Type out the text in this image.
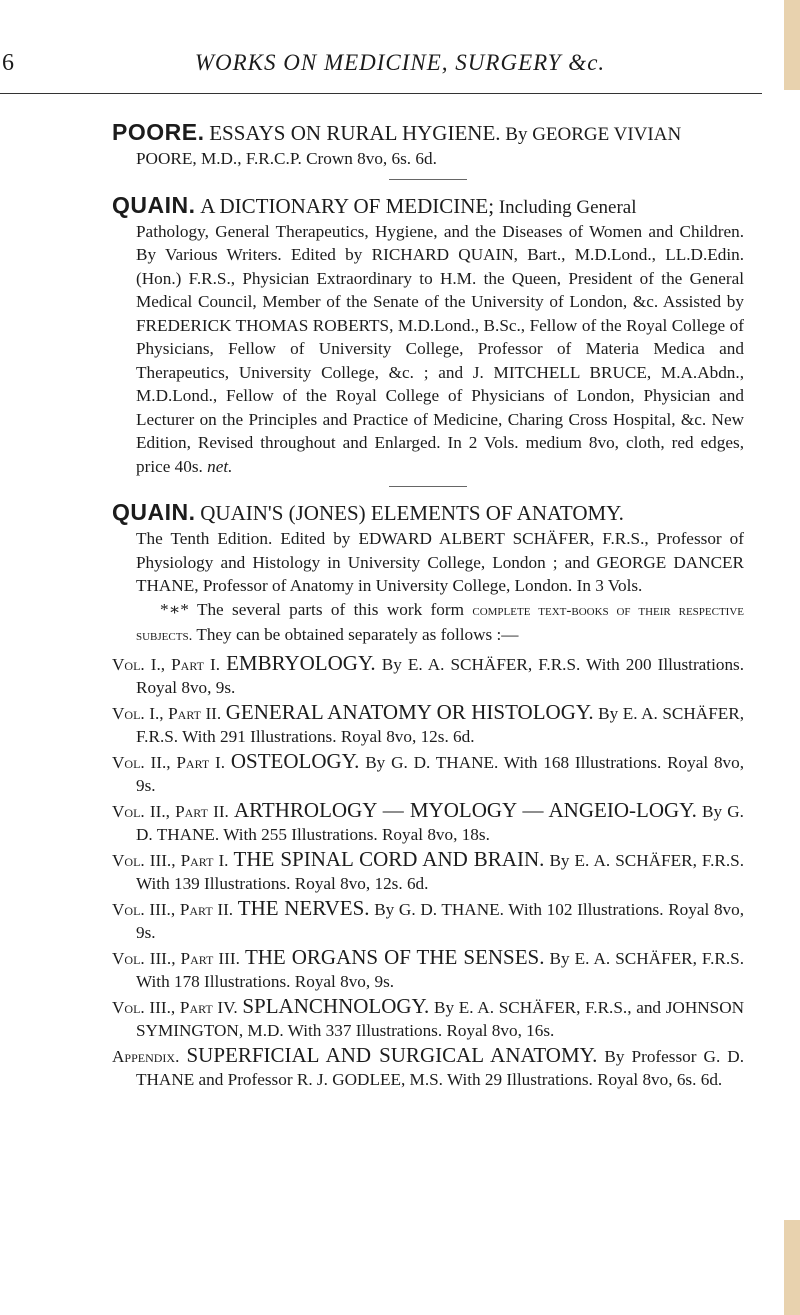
6	WORKS ON MEDICINE, SURGERY &c.
POORE. ESSAYS ON RURAL HYGIENE. By GEORGE VIVIAN
POORE, M.D., F.R.C.P. Crown 8vo, 6s. 6d.
QUAIN. A DICTIONARY OF MEDICINE; Including General
Pathology, General Therapeutics, Hygiene, and the Diseases of Women and Children. By Various Writers. Edited by RICHARD QUAIN, Bart., M.D.Lond., LL.D.Edin. (Hon.) F.R.S., Physician Extraordinary to H.M. the Queen, President of the General Medical Council, Member of the Senate of the University of London, &c. Assisted by FREDERICK THOMAS ROBERTS, M.D.Lond., B.Sc., Fellow of the Royal College of Physicians, Fellow of University College, Professor of Materia Medica and Therapeutics, University College, &c. ; and J. MITCHELL BRUCE, M.A.Abdn., M.D.Lond., Fellow of the Royal College of Physicians of London, Physician and Lecturer on the Principles and Practice of Medicine, Charing Cross Hospital, &c. New Edition, Revised throughout and Enlarged. In 2 Vols. medium 8vo, cloth, red edges, price 40s. net.
QUAIN. QUAIN'S (JONES) ELEMENTS OF ANATOMY.
The Tenth Edition. Edited by EDWARD ALBERT SCHÄFER, F.R.S., Professor of Physiology and Histology in University College, London ; and GEORGE DANCER THANE, Professor of Anatomy in University College, London. In 3 Vols.
*∗* The several parts of this work form complete text-books of their respective subjects. They can be obtained separately as follows :—
Vol. I., Part I. EMBRYOLOGY. By E. A. SCHÄFER, F.R.S. With 200 Illustrations. Royal 8vo, 9s.
Vol. I., Part II. GENERAL ANATOMY OR HISTOLOGY. By E. A. SCHÄFER, F.R.S. With 291 Illustrations. Royal 8vo, 12s. 6d.
Vol. II., Part I. OSTEOLOGY. By G. D. THANE. With 168 Illustrations. Royal 8vo, 9s.
Vol. II., Part II. ARTHROLOGY — MYOLOGY — ANGEIO-LOGY. By G. D. THANE. With 255 Illustrations. Royal 8vo, 18s.
Vol. III., Part I. THE SPINAL CORD AND BRAIN. By E. A. SCHÄFER, F.R.S. With 139 Illustrations. Royal 8vo, 12s. 6d.
Vol. III., Part II. THE NERVES. By G. D. THANE. With 102 Illustrations. Royal 8vo, 9s.
Vol. III., Part III. THE ORGANS OF THE SENSES. By E. A. SCHÄFER, F.R.S. With 178 Illustrations. Royal 8vo, 9s.
Vol. III., Part IV. SPLANCHNOLOGY. By E. A. SCHÄFER, F.R.S., and JOHNSON SYMINGTON, M.D. With 337 Illustrations. Royal 8vo, 16s.
Appendix. SUPERFICIAL AND SURGICAL ANATOMY. By Professor G. D. THANE and Professor R. J. GODLEE, M.S. With 29 Illustrations. Royal 8vo, 6s. 6d.
